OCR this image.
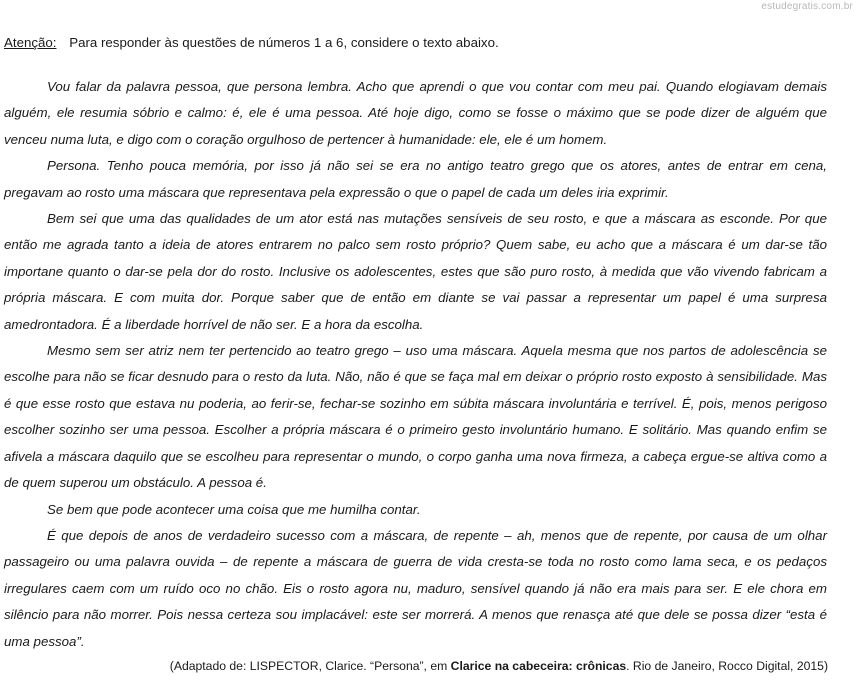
estudegratis.com.br
Atenção: Para responder às questões de números 1 a 6, considere o texto abaixo.

Vou falar da palavra pessoa, que persona lembra. Acho que aprendi o que vou contar com meu pai. Quando elogiavam demais alguém, ele resumia sóbrio e calmo: é, ele é uma pessoa. Até hoje digo, como se fosse o máximo que se pode dizer de alguém que venceu numa luta, e digo com o coração orgulhoso de pertencer à humanidade: ele, ele é um homem.

Persona. Tenho pouca memória, por isso já não sei se era no antigo teatro grego que os atores, antes de entrar em cena, pregavam ao rosto uma máscara que representava pela expressão o que o papel de cada um deles iria exprimir.

Bem sei que uma das qualidades de um ator está nas mutações sensíveis de seu rosto, e que a máscara as esconde. Por que então me agrada tanto a ideia de atores entrarem no palco sem rosto próprio? Quem sabe, eu acho que a máscara é um dar-se tão importane quanto o dar-se pela dor do rosto. Inclusive os adolescentes, estes que são puro rosto, à medida que vão vivendo fabricam a própria máscara. E com muita dor. Porque saber que de então em diante se vai passar a representar um papel é uma surpresa amedrontadora. É a liberdade horrível de não ser. E a hora da escolha.

Mesmo sem ser atriz nem ter pertencido ao teatro grego – uso uma máscara. Aquela mesma que nos partos de adolescência se escolhe para não se ficar desnudo para o resto da luta. Não, não é que se faça mal em deixar o próprio rosto exposto à sensibilidade. Mas é que esse rosto que estava nu poderia, ao ferir-se, fechar-se sozinho em súbita máscara involuntária e terrível. É, pois, menos perigoso escolher sozinho ser uma pessoa. Escolher a própria máscara é o primeiro gesto involuntário humano. E solitário. Mas quando enfim se afivela a máscara daquilo que se escolheu para representar o mundo, o corpo ganha uma nova firmeza, a cabeça ergue-se altiva como a de quem superou um obstáculo. A pessoa é.

Se bem que pode acontecer uma coisa que me humilha contar.

É que depois de anos de verdadeiro sucesso com a máscara, de repente – ah, menos que de repente, por causa de um olhar passageiro ou uma palavra ouvida – de repente a máscara de guerra de vida cresta-se toda no rosto como lama seca, e os pedaços irregulares caem com um ruído oco no chão. Eis o rosto agora nu, maduro, sensível quando já não era mais para ser. E ele chora em silêncio para não morrer. Pois nessa certeza sou implacável: este ser morrerá. A menos que renasça até que dele se possa dizer “esta é uma pessoa”.

(Adaptado de: LISPECTOR, Clarice. “Persona”, em Clarice na cabeceira: crônicas. Rio de Janeiro, Rocco Digital, 2015)
